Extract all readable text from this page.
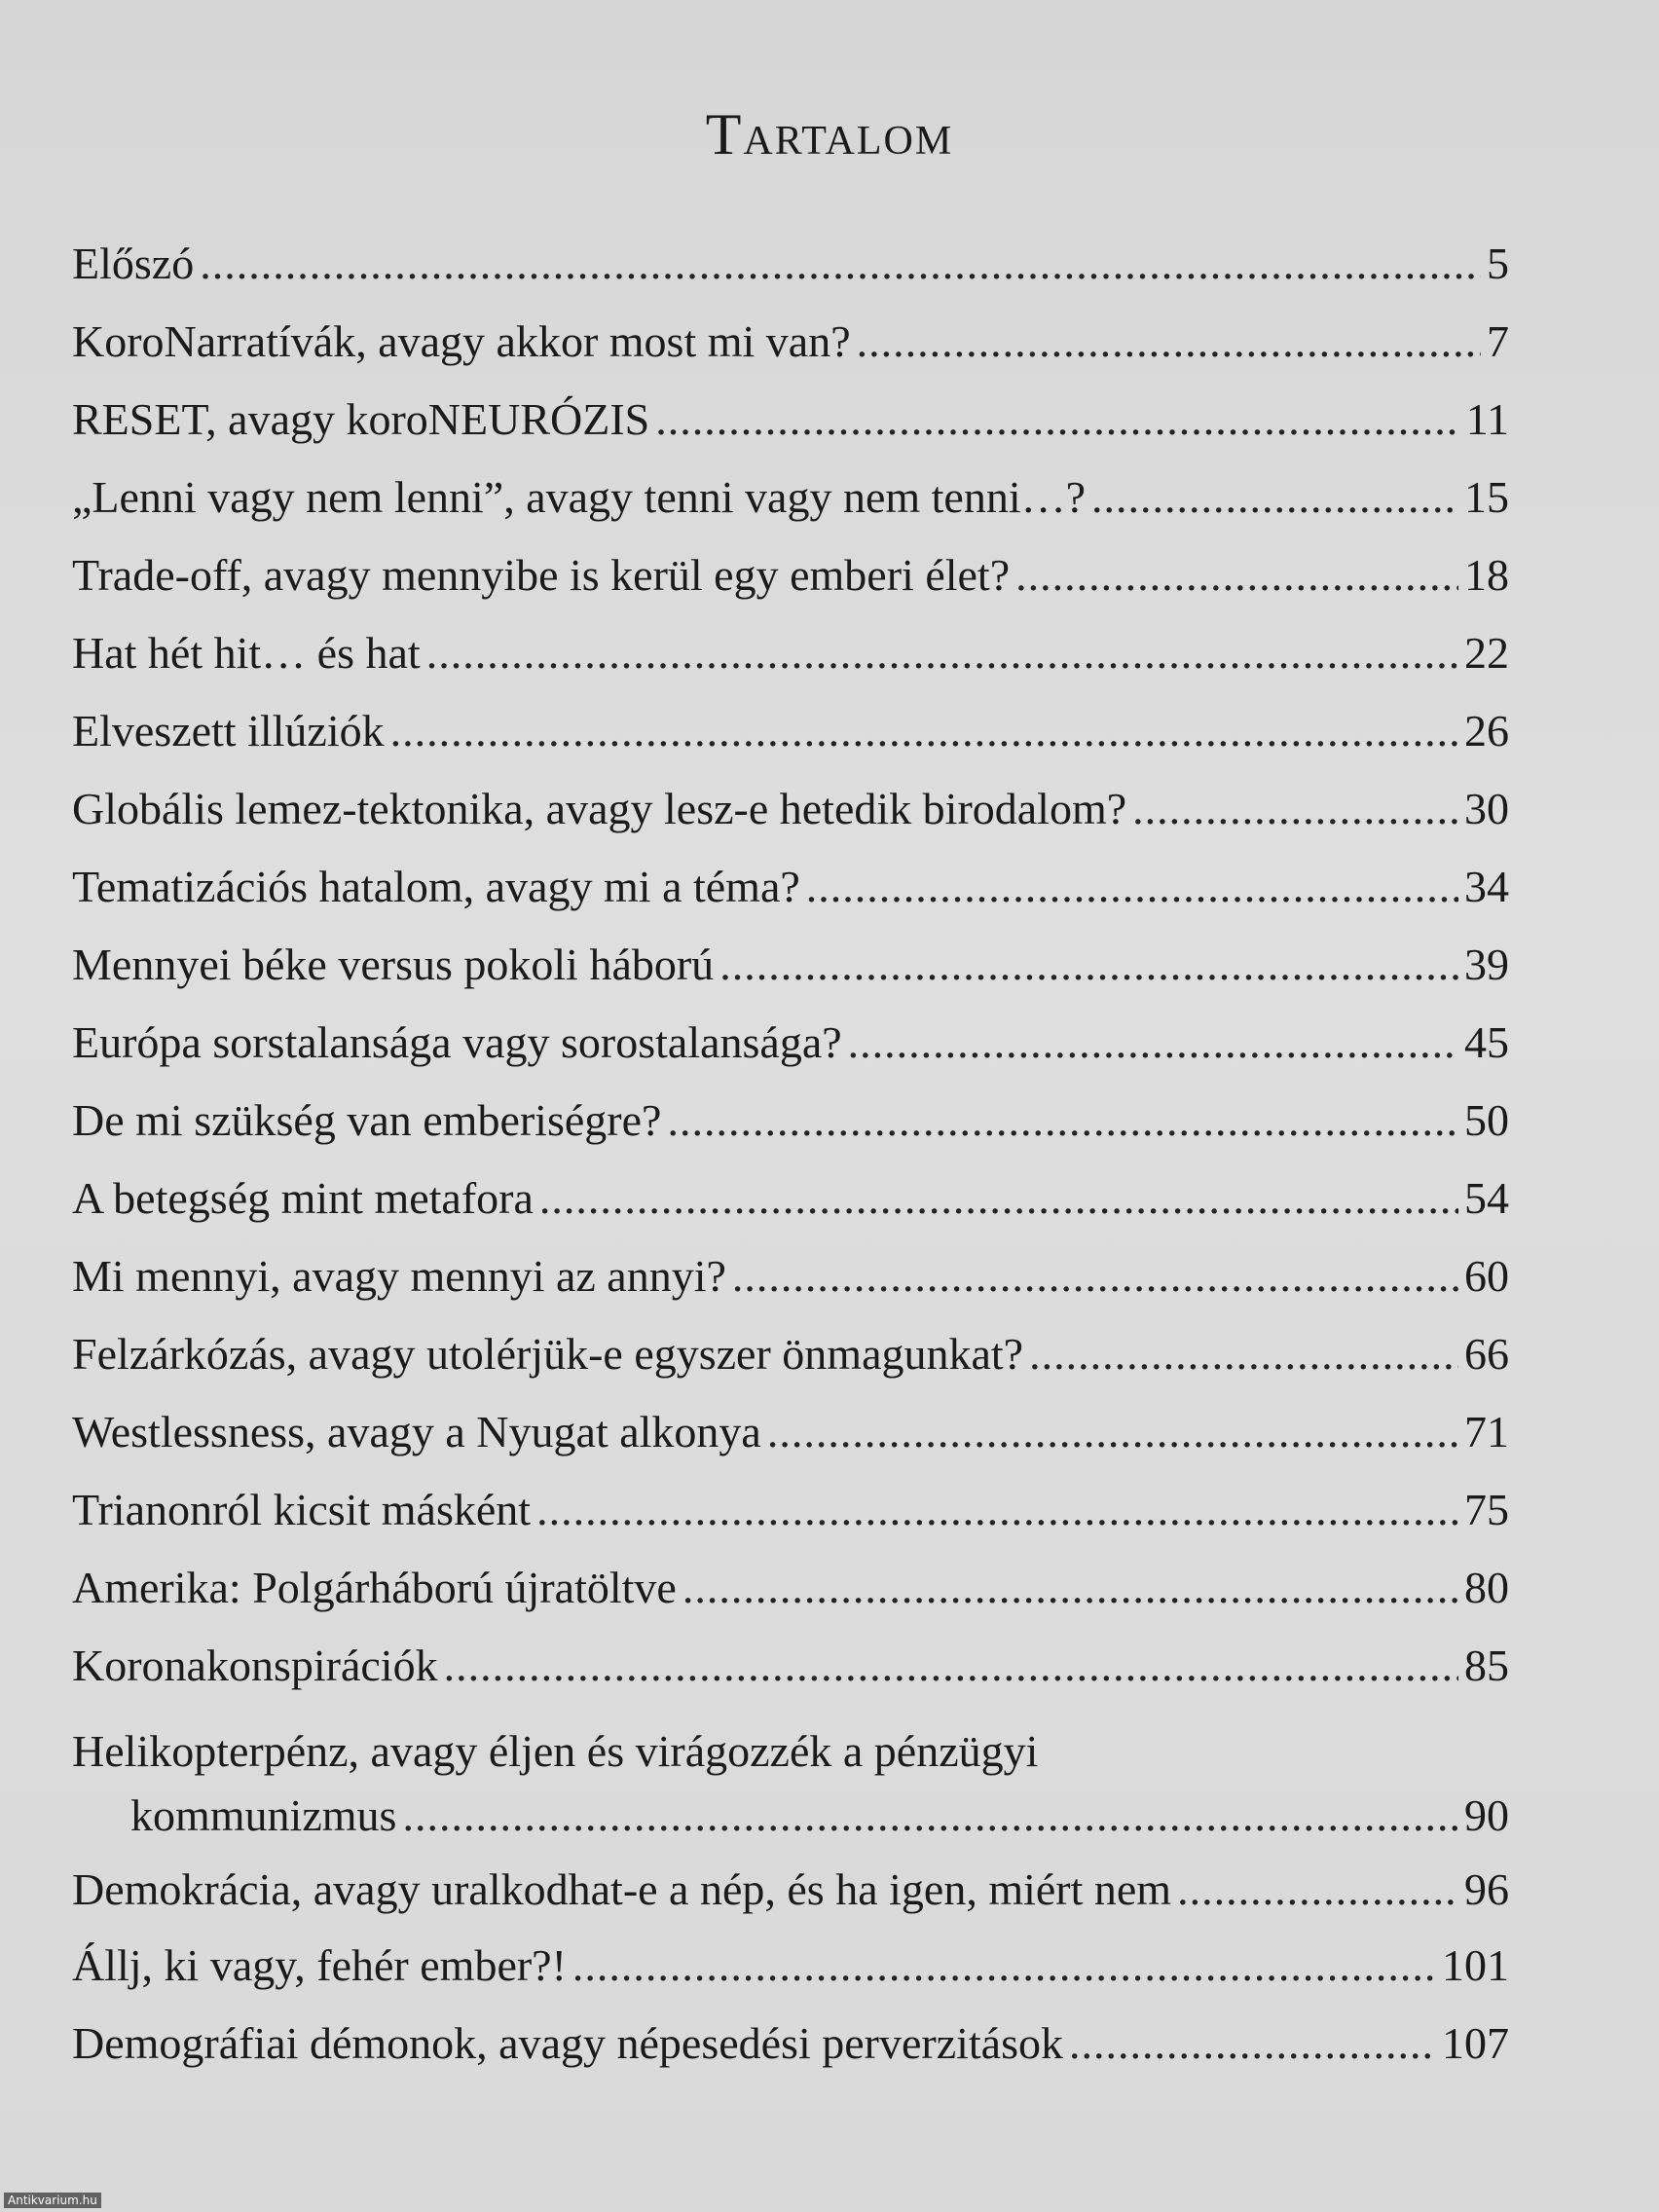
Tartalom
Előszó .....	5
KoroNarratívák, avagy akkor most mi van? .....	7
RESET, avagy koroNEURÓZIS .....	11
„Lenni vagy nem lenni”, avagy tenni vagy nem tenni…? .....	15
Trade-off, avagy mennyibe is kerül egy emberi élet? .....	18
Hat hét hit… és hat .....	22
Elveszett illúziók .....	26
Globális lemez-tektonika, avagy lesz-e hetedik birodalom? .....	30
Tematizációs hatalom, avagy mi a téma? .....	34
Mennyei béke versus pokoli háború .....	39
Európa sorstalansága vagy sorostalansága? .....	45
De mi szükség van emberiségre? .....	50
A betegség mint metafora .....	54
Mi mennyi, avagy mennyi az annyi? .....	60
Felzárkózás, avagy utolérjük-e egyszer önmagunkat? .....	66
Westlessness, avagy a Nyugat alkonya .....	71
Trianonról kicsit másként .....	75
Amerika: Polgárháború újratöltve .....	80
Koronakonspirációk .....	85
Helikopterpénz, avagy éljen és virágozzék a pénzügyi
kommunizmus .....	90
Demokrácia, avagy uralkodhat-e a nép, és ha igen, miért nem .....	96
Állj, ki vagy, fehér ember?! .....	101
Demográfiai démonok, avagy népesedési perverzitások .....	107
Antikvarium.hu
